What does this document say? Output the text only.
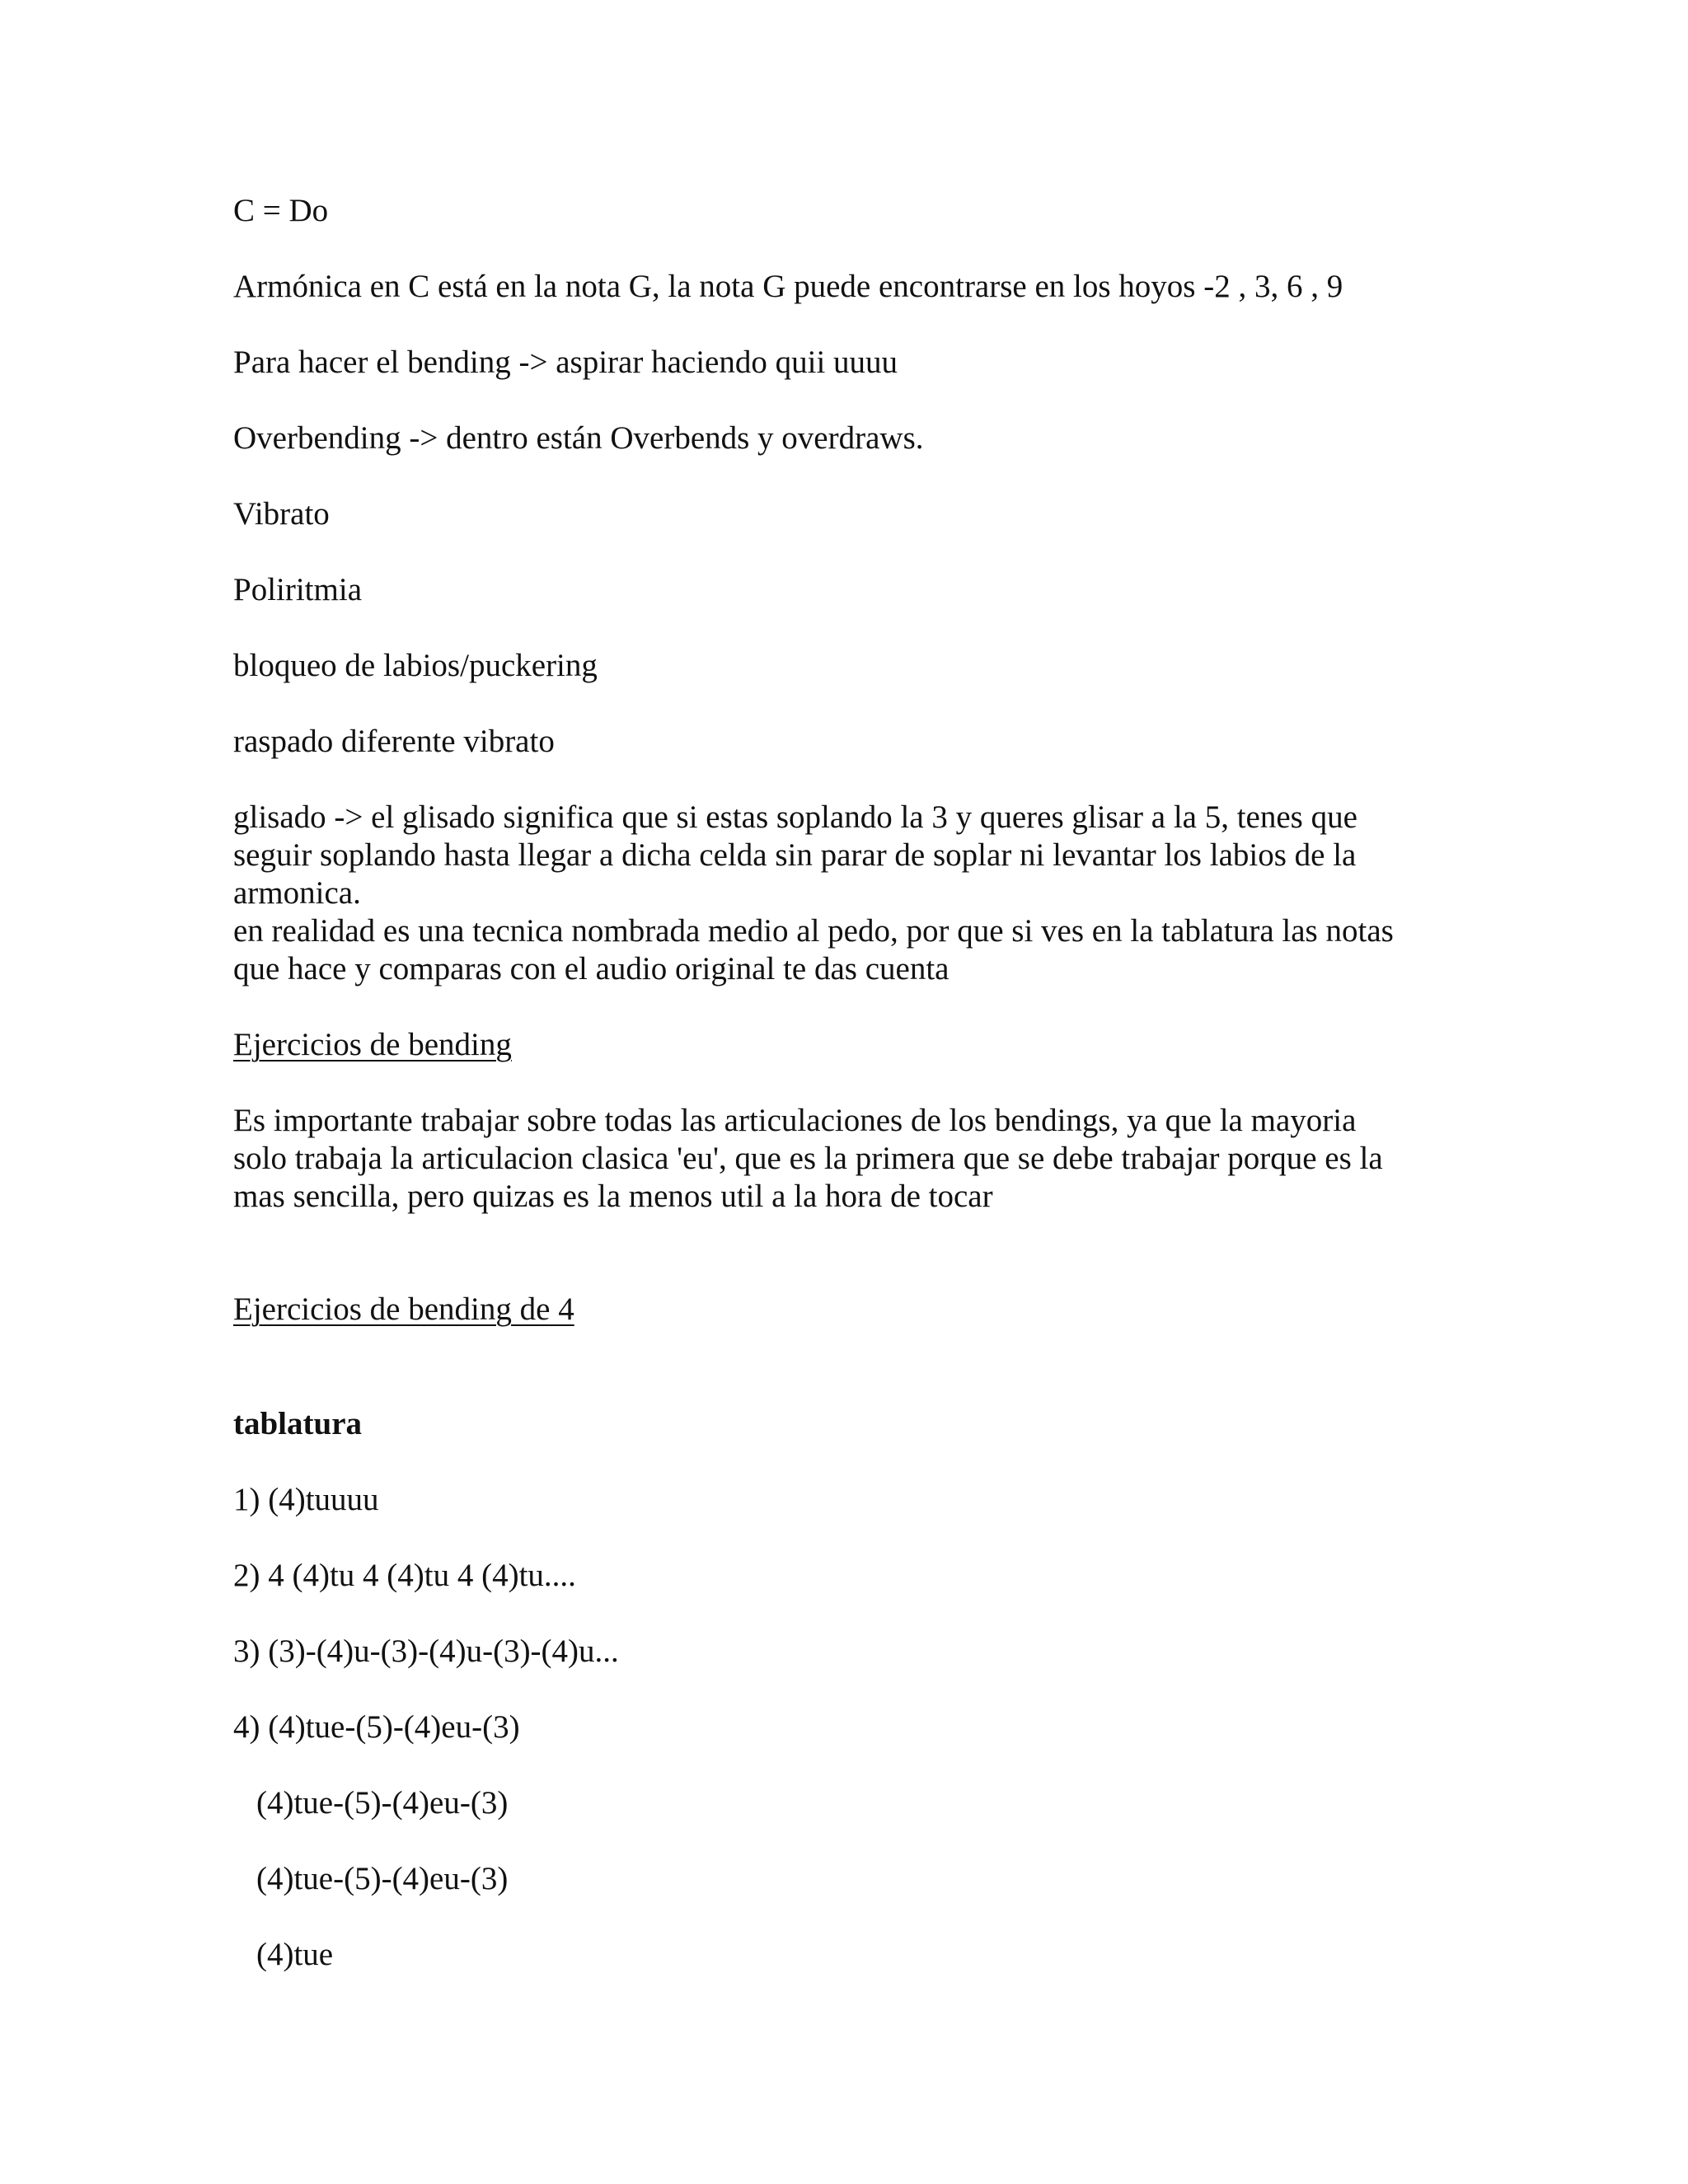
C = Do

Armónica en C está en la nota G, la nota G puede encontrarse en los hoyos -2 , 3, 6 , 9

Para hacer el bending -> aspirar haciendo quii uuuu

Overbending -> dentro están Overbends y overdraws.

Vibrato

Poliritmia

bloqueo de labios/puckering

raspado diferente vibrato

glisado -> el glisado significa que si estas soplando la 3 y queres glisar a la 5, tenes que

seguir soplando hasta llegar a dicha celda sin parar de soplar ni levantar los labios de la

armonica.

en realidad es una tecnica nombrada medio al pedo, por que si ves en la tablatura las notas

que hace y comparas con el audio original te das cuenta

Ejercicios de bending

Es importante trabajar sobre todas las articulaciones de los bendings, ya que la mayoria

solo trabaja la articulacion clasica 'eu', que es la primera que se debe trabajar porque es la

mas sencilla, pero quizas es la menos util a la hora de tocar

Ejercicios de bending de 4

tablatura

1) (4)tuuuu

2) 4 (4)tu 4 (4)tu 4 (4)tu....

3) (3)-(4)u-(3)-(4)u-(3)-(4)u...

4) (4)tue-(5)-(4)eu-(3)

(4)tue-(5)-(4)eu-(3)

(4)tue-(5)-(4)eu-(3)

(4)tue
